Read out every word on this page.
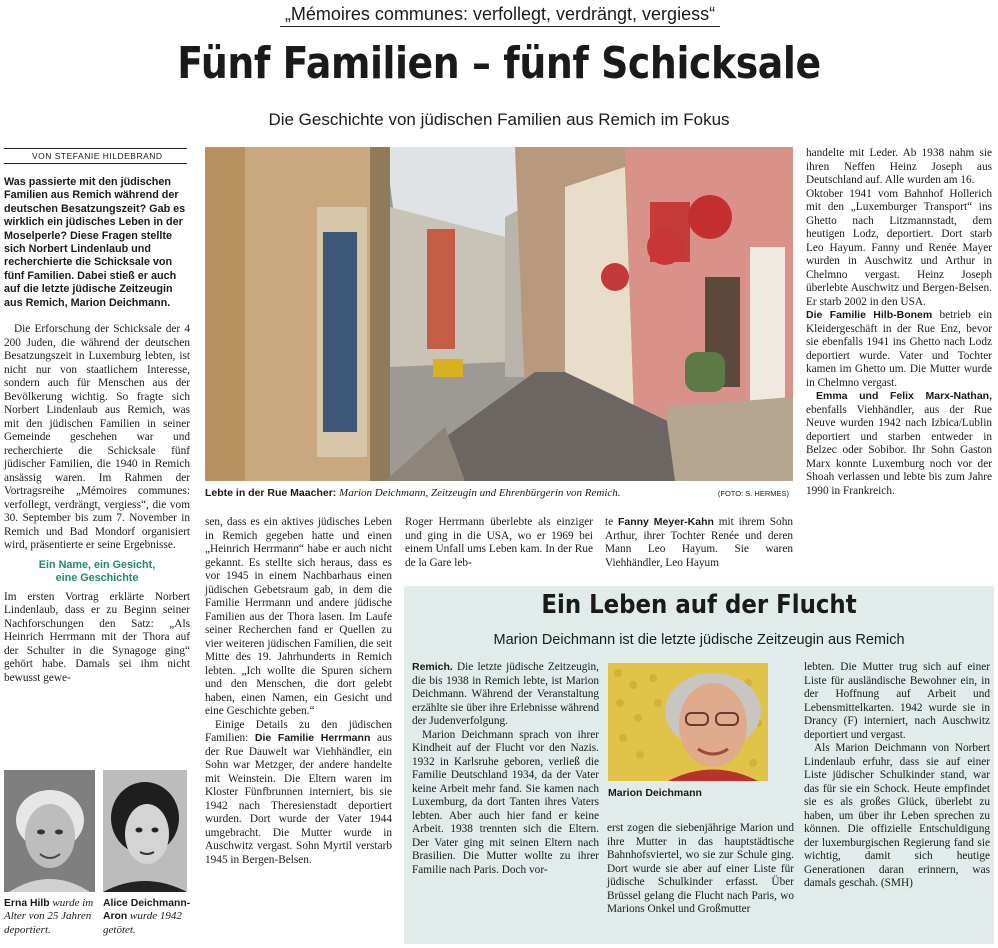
„Mémoires communes: verfollegt, verdrängt, vergiess“
Fünf Familien – fünf Schicksale
Die Geschichte von jüdischen Familien aus Remich im Fokus
VON STEFANIE HILDEBRAND
Was passierte mit den jüdischen Familien aus Remich während der deutschen Besatzungszeit? Gab es wirklich ein jüdisches Leben in der Moselperle? Diese Fragen stellte sich Norbert Lindenlaub und recherchierte die Schicksale von fünf Familien. Dabei stieß er auch auf die letzte jüdische Zeitzeugin aus Remich, Marion Deichmann.

Die Erforschung der Schicksale der 4 200 Juden, die während der deutschen Besatzungszeit in Luxemburg lebten, ist nicht nur von staatlichem Interesse, sondern auch für Menschen aus der Bevölkerung wichtig. So fragte sich Norbert Lindenlaub aus Remich, was mit den jüdischen Familien in seiner Gemeinde geschehen war und recherchierte die Schicksale fünf jüdischer Familien, die 1940 in Remich ansässig waren. Im Rahmen der Vortragsreihe „Mémoires communes: verfollegt, verdrängt, vergiess“, die vom 30. September bis zum 7. November in Remich und Bad Mondorf organisiert wird, präsentierte er seine Ergebnisse.

Ein Name, ein Gesicht,
eine Geschichte

Im ersten Vortrag erklärte Norbert Lindenlaub, dass er zu Beginn seiner Nachforschungen den Satz: „Als Heinrich Herrmann mit der Thora auf der Schulter in die Synagoge ging“ gehört habe. Damals sei ihm nicht bewusst gewe-

Lebte in der Rue Maacher: Marion Deichmann, Zeitzeugin und Ehrenbürgerin von Remich.	(FOTO: S. HERMES)

sen, dass es ein aktives jüdisches Leben in Remich gegeben hatte und einen „Heinrich Herrmann“ habe er auch nicht gekannt. Es stellte sich heraus, dass es vor 1945 in einem Nachbarhaus einen jüdischen Gebetsraum gab, in dem die Familie Herrmann und andere jüdische Familien aus der Thora lasen. Im Laufe seiner Recherchen fand er Quellen zu vier weiteren jüdischen Familien, die seit Mitte des 19. Jahrhunderts in Remich lebten. „Ich wollte die Spuren sichern und den Menschen, die dort gelebt haben, einen Namen, ein Gesicht und eine Geschichte geben.“

Einige Details zu den jüdischen Familien: Die Familie Herrmann aus der Rue Dauwelt war Viehhändler, ein Sohn war Metzger, der andere handelte mit Weinstein. Die Eltern waren im Kloster Fünfbrunnen interniert, bis sie 1942 nach Theresienstadt deportiert wurden. Dort wurde der Vater 1944 umgebracht. Die Mutter wurde in Auschwitz vergast. Sohn Myrtil verstarb 1945 in Bergen-Belsen.

Roger Herrmann überlebte als einziger und ging in die USA, wo er 1969 bei einem Unfall ums Leben kam. In der Rue de la Gare leb-

te Fanny Meyer-Kahn mit ihrem Sohn Arthur, ihrer Tochter Renée und deren Mann Leo Hayum. Sie waren Viehhändler, Leo Hayum

handelte mit Leder. Ab 1938 nahm sie ihren Neffen Heinz Joseph aus Deutschland auf. Alle wurden am 16.

Oktober 1941 vom Bahnhof Hollerich mit den „Luxemburger Transport“ ins Ghetto nach Litzmannstadt, dem heutigen Lodz, deportiert. Dort starb Leo Hayum. Fanny und Renée Mayer wurden in Auschwitz und Arthur in Chelmno vergast. Heinz Joseph überlebte Auschwitz und Bergen-Belsen. Er starb 2002 in den USA.

Die Familie Hilb-Bonem betrieb ein Kleidergeschäft in der Rue Enz, bevor sie ebenfalls 1941 ins Ghetto nach Lodz deportiert wurde. Vater und Tochter kamen im Ghetto um. Die Mutter wurde in Chelmno vergast.

Emma und Felix Marx-Nathan, ebenfalls Viehhändler, aus der Rue Neuve wurden 1942 nach Izbica/Lublin deportiert und starben entweder in Belzec oder Sobibor. Ihr Sohn Gaston Marx konnte Luxemburg noch vor der Shoah verlassen und lebte bis zum Jahre 1990 in Frankreich.

Ein Leben auf der Flucht
Marion Deichmann ist die letzte jüdische Zeitzeugin aus Remich

Remich. Die letzte jüdische Zeitzeugin, die bis 1938 in Remich lebte, ist Marion Deichmann. Während der Veranstaltung erzählte sie über ihre Erlebnisse während der Judenverfolgung.

Marion Deichmann sprach von ihrer Kindheit auf der Flucht vor den Nazis. 1932 in Karlsruhe geboren, verließ die Familie Deutschland 1934, da der Vater keine Arbeit mehr fand. Sie kamen nach Luxemburg, da dort Tanten ihres Vaters lebten. Aber auch hier fand er keine Arbeit. 1938 trennten sich die Eltern. Der Vater ging mit seinen Eltern nach Brasilien. Die Mutter wollte zu ihrer Familie nach Paris. Doch vor-

Marion Deichmann

erst zogen die siebenjährige Marion und ihre Mutter in das hauptstädtische Bahnhofsviertel, wo sie zur Schule ging. Dort wurde sie aber auf einer Liste für jüdische Schulkinder erfasst. Über Brüssel gelang die Flucht nach Paris, wo Marions Onkel und Großmutter

lebten. Die Mutter trug sich auf einer Liste für ausländische Bewohner ein, in der Hoffnung auf Arbeit und Lebensmittelkarten. 1942 wurde sie in Drancy (F) interniert, nach Auschwitz deportiert und vergast.

Als Marion Deichmann von Norbert Lindenlaub erfuhr, dass sie auf einer Liste jüdischer Schulkinder stand, war das für sie ein Schock. Heute empfindet sie es als großes Glück, überlebt zu haben, um über ihr Leben sprechen zu können. Die offizielle Entschuldigung der luxemburgischen Regierung fand sie wichtig, damit sich heutige Generationen daran erinnern, was damals geschah. (SMH)

Erna Hilb wurde im Alter von 25 Jahren deportiert.
Alice Deichmann-Aron wurde 1942 getötet.
